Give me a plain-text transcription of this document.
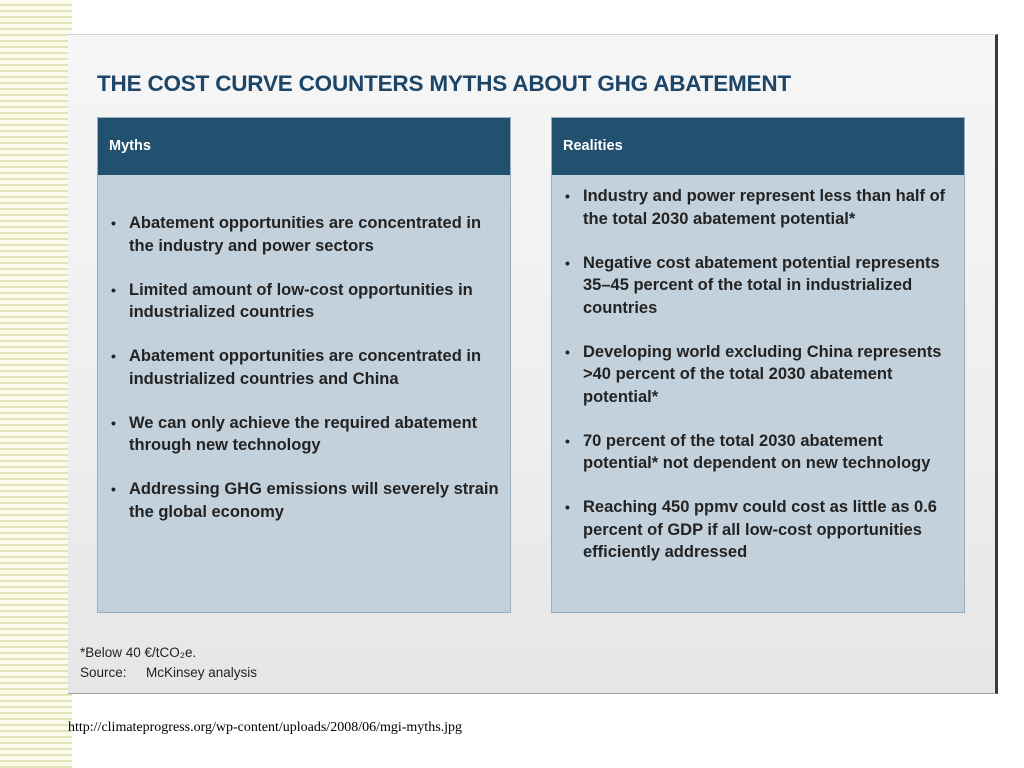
THE COST CURVE COUNTERS MYTHS ABOUT GHG ABATEMENT
Myths
• Abatement opportunities are concentrated in the industry and power sectors
• Limited amount of low-cost opportunities in industrialized countries
• Abatement opportunities are concentrated in industrialized countries and China
• We can only achieve the required abatement through new technology
• Addressing GHG emissions will severely strain the global economy
Realities
• Industry and power represent less than half of the total 2030 abatement potential*
• Negative cost abatement potential represents 35–45 percent of the total in industrialized countries
• Developing world excluding China represents >40 percent of the total 2030 abatement potential*
• 70 percent of the total 2030 abatement potential* not dependent on new technology
• Reaching 450 ppmv could cost as little as 0.6 percent of GDP if all low-cost opportunities efficiently addressed
*Below 40 €/tCO₂e.
Source: McKinsey analysis
http://climateprogress.org/wp-content/uploads/2008/06/mgi-myths.jpg
